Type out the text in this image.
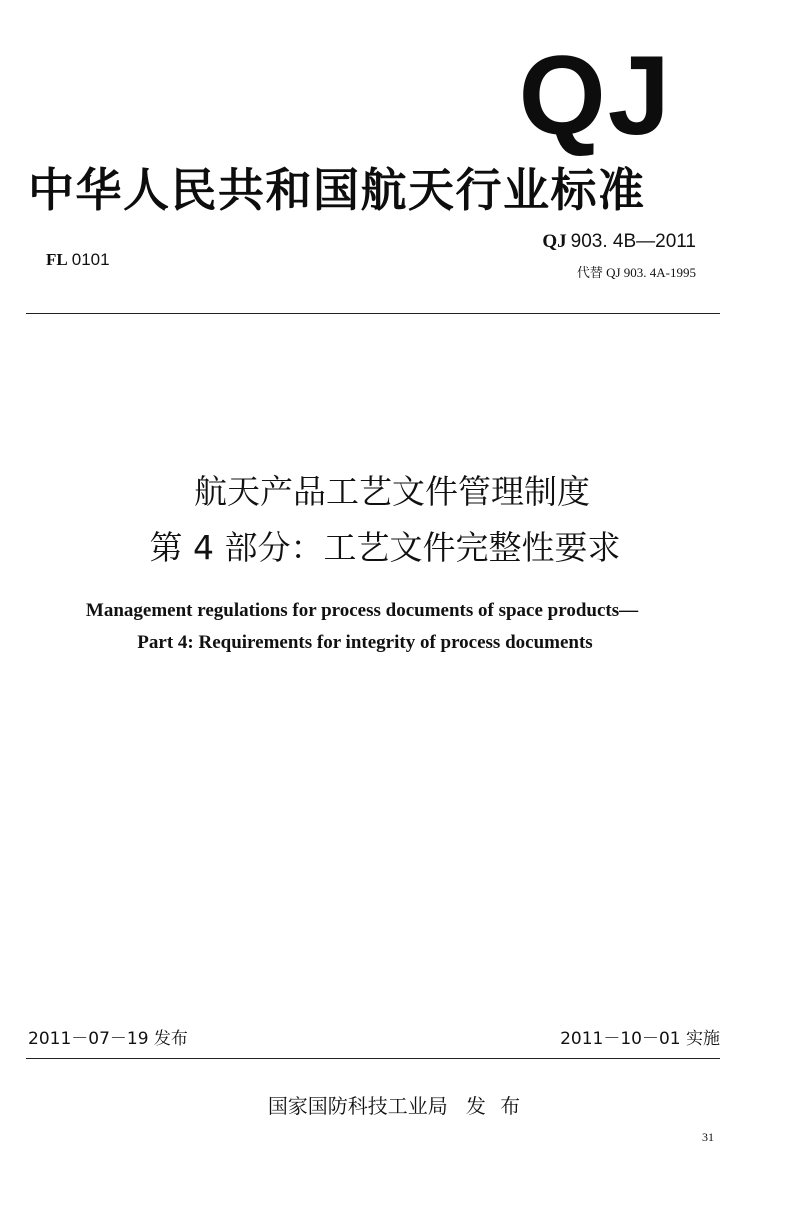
QJ
中华人民共和国航天行业标准
FL 0101
QJ 903. 4B—2011
代替 QJ 903. 4A-1995
航天产品工艺文件管理制度
第 4 部分：工艺文件完整性要求
Management regulations for process documents of space products—
Part 4: Requirements for integrity of process documents
2011－07－19 发布	2011－10－01 实施
国家国防科技工业局 发 布
31
